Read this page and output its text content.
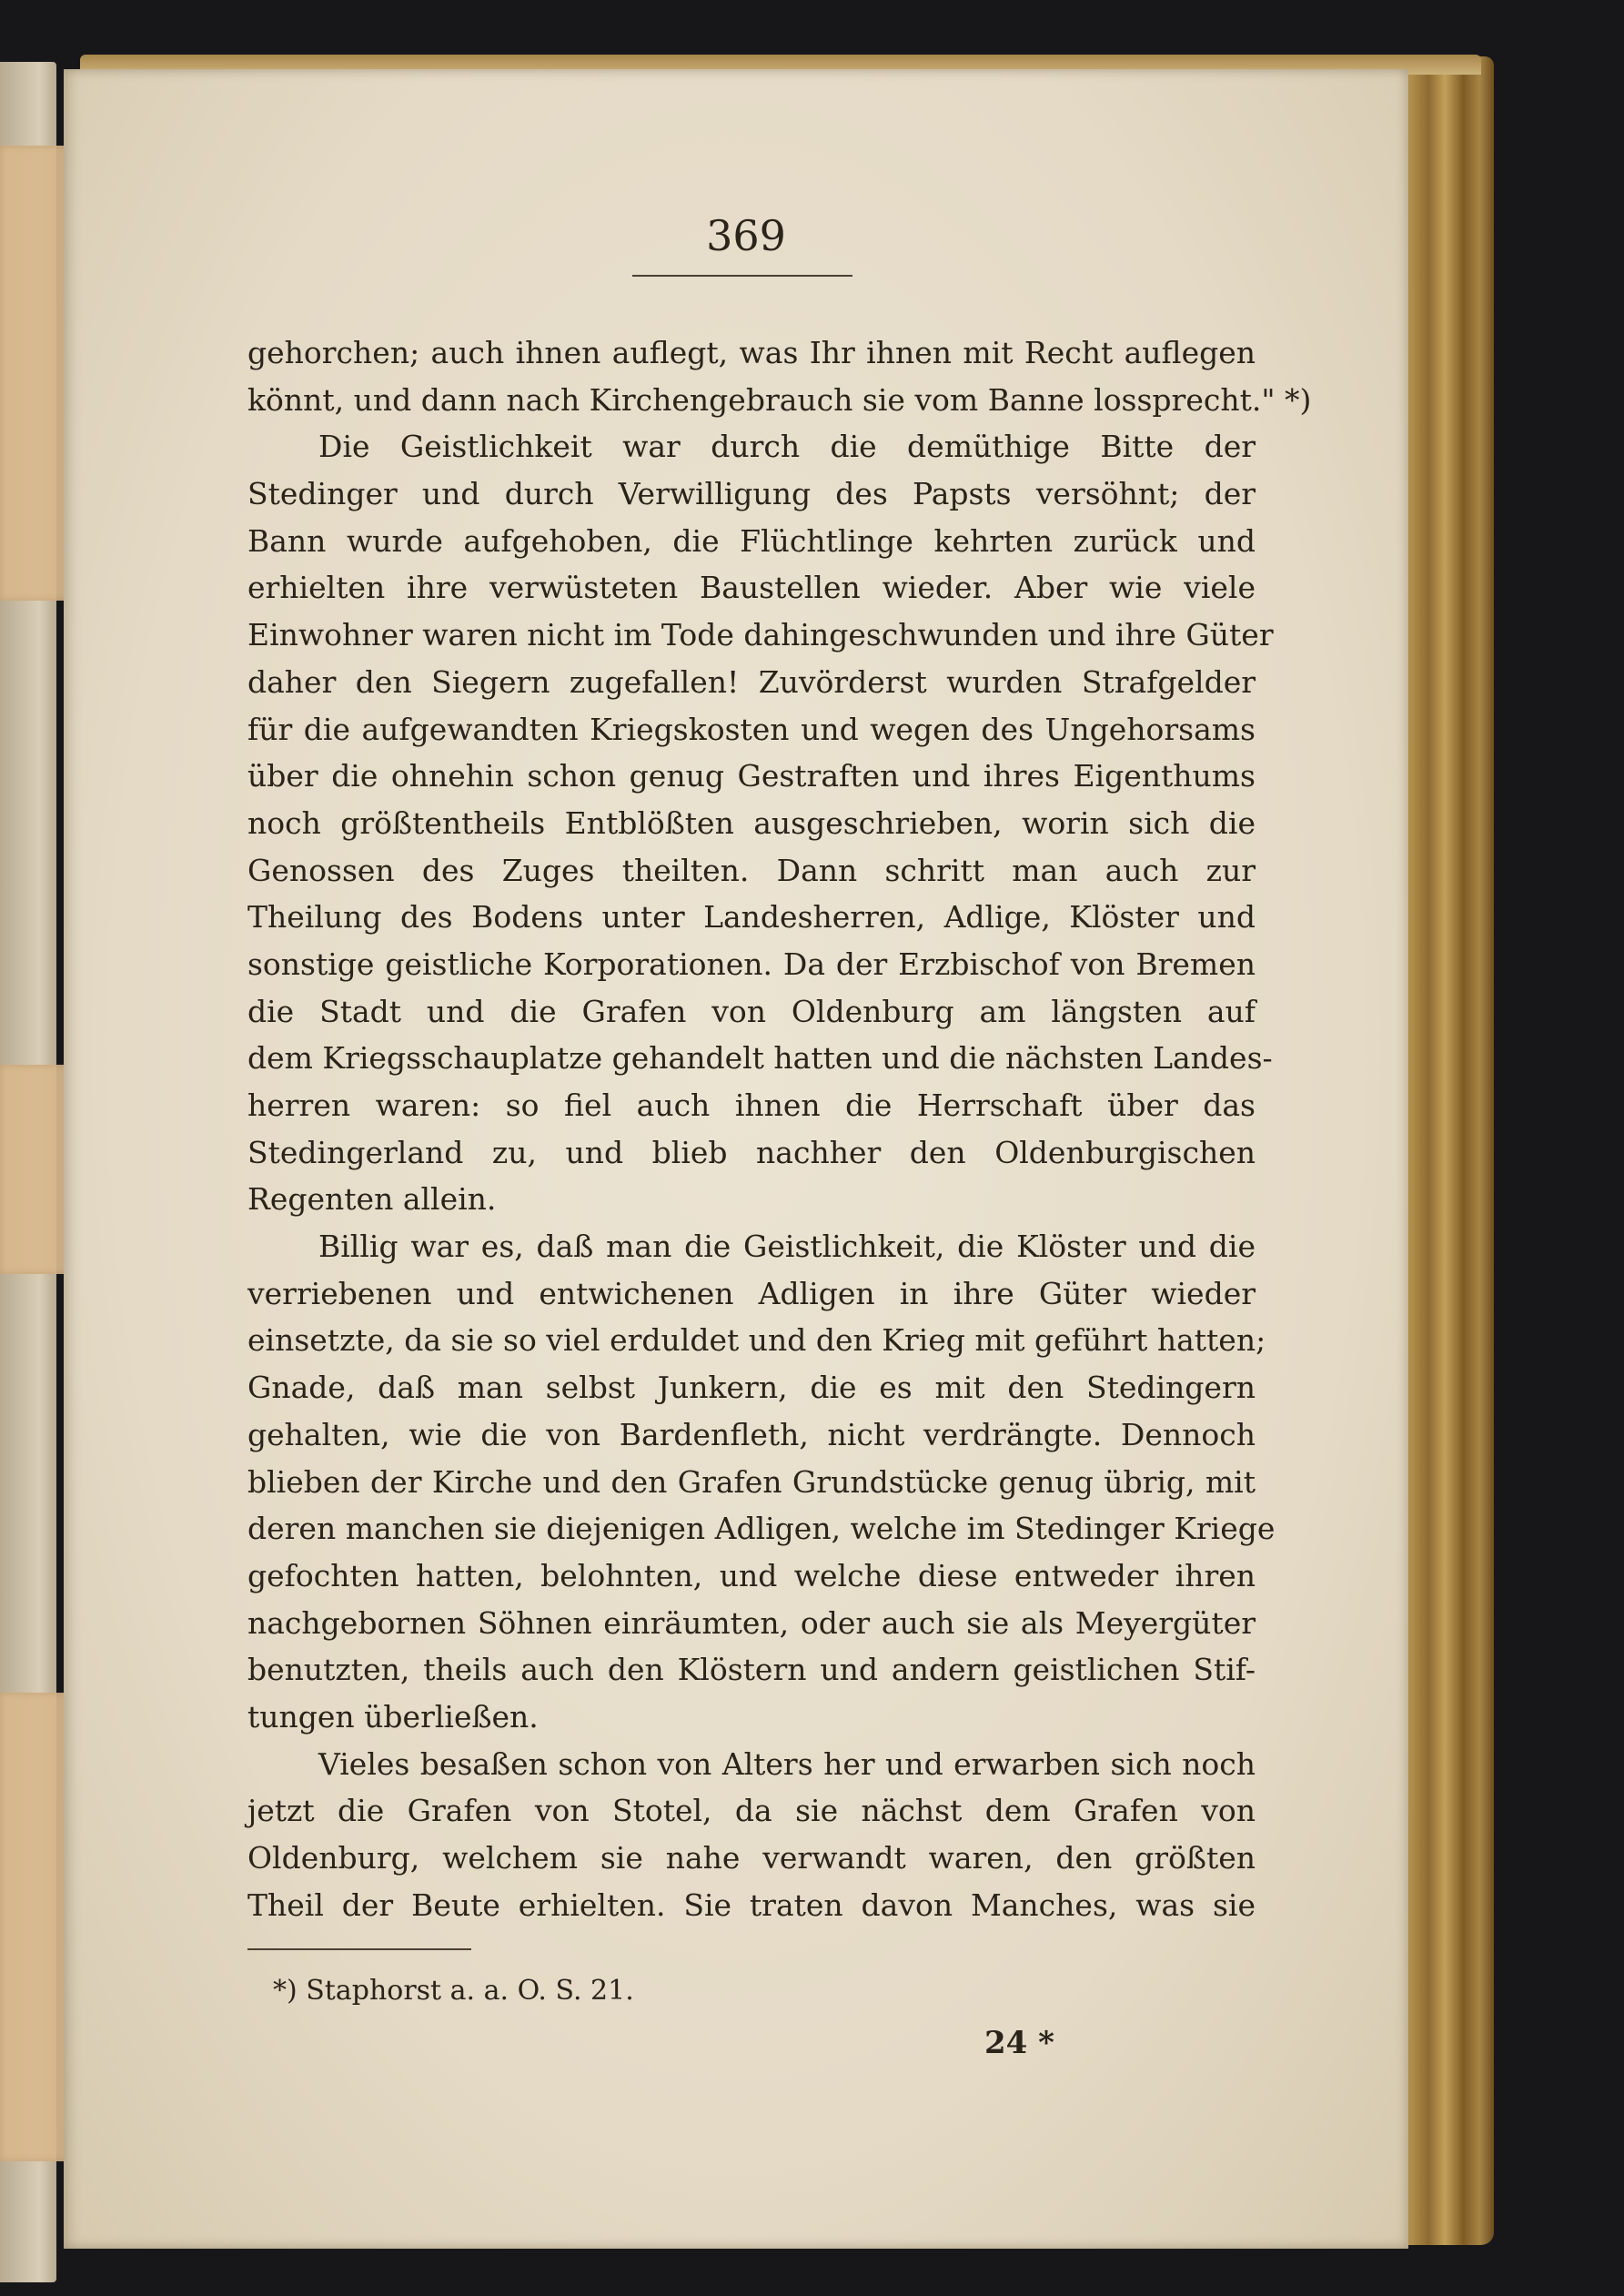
369
gehorchen; auch ihnen auflegt, was Ihr ihnen mit Recht auflegen
könnt, und dann nach Kirchengebrauch sie vom Banne lossprecht." *)
Die Geistlichkeit war durch die demüthige Bitte der
Stedinger und durch Verwilligung des Papsts versöhnt; der
Bann wurde aufgehoben, die Flüchtlinge kehrten zurück und
erhielten ihre verwüsteten Baustellen wieder. Aber wie viele
Einwohner waren nicht im Tode dahingeschwunden und ihre Güter
daher den Siegern zugefallen! Zuvörderst wurden Strafgelder
für die aufgewandten Kriegskosten und wegen des Ungehorsams
über die ohnehin schon genug Gestraften und ihres Eigenthums
noch größtentheils Entblößten ausgeschrieben, worin sich die
Genossen des Zuges theilten. Dann schritt man auch zur
Theilung des Bodens unter Landesherren, Adlige, Klöster und
sonstige geistliche Korporationen. Da der Erzbischof von Bremen
die Stadt und die Grafen von Oldenburg am längsten auf
dem Kriegsschauplatze gehandelt hatten und die nächsten Landes-
herren waren: so fiel auch ihnen die Herrschaft über das
Stedingerland zu, und blieb nachher den Oldenburgischen
Regenten allein.
Billig war es, daß man die Geistlichkeit, die Klöster und die
verriebenen und entwichenen Adligen in ihre Güter wieder
einsetzte, da sie so viel erduldet und den Krieg mit geführt hatten;
Gnade, daß man selbst Junkern, die es mit den Stedingern
gehalten, wie die von Bardenfleth, nicht verdrängte. Dennoch
blieben der Kirche und den Grafen Grundstücke genug übrig, mit
deren manchen sie diejenigen Adligen, welche im Stedinger Kriege
gefochten hatten, belohnten, und welche diese entweder ihren
nachgebornen Söhnen einräumten, oder auch sie als Meyergüter
benutzten, theils auch den Klöstern und andern geistlichen Stif-
tungen überließen.
Vieles besaßen schon von Alters her und erwarben sich noch
jetzt die Grafen von Stotel, da sie nächst dem Grafen von
Oldenburg, welchem sie nahe verwandt waren, den größten
Theil der Beute erhielten. Sie traten davon Manches, was sie
*) Staphorst a. a. O. S. 21.
24 *
